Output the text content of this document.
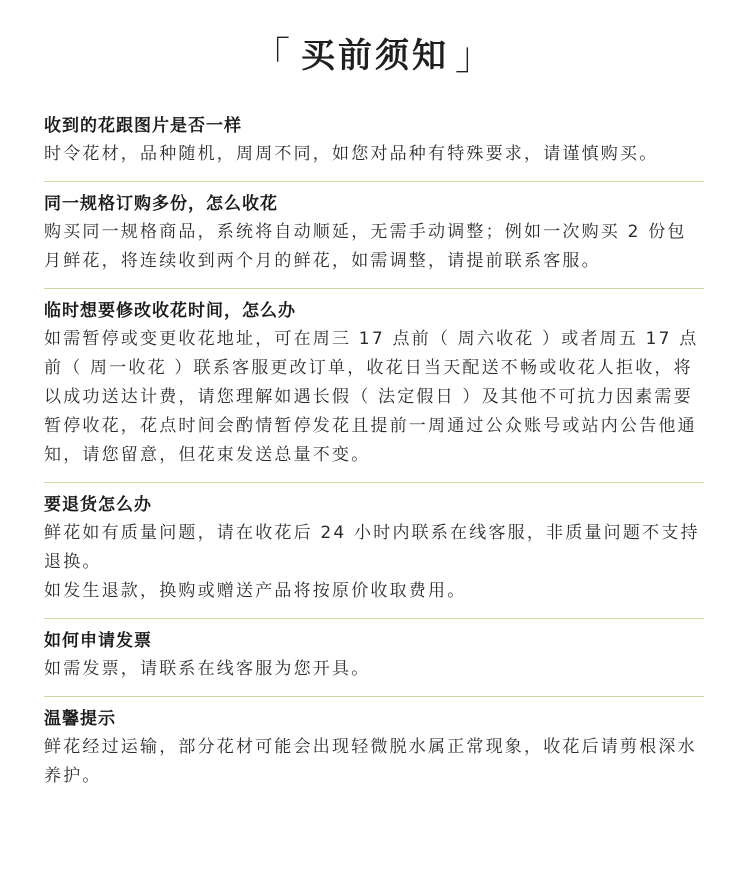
「 买前须知 」
收到的花跟图片是否一样

时令花材，品种随机，周周不同，如您对品种有特殊要求，请谨慎购买。

同一规格订购多份，怎么收花

购买同一规格商品，系统将自动顺延，无需手动调整；例如一次购买 2 份包月鲜花，将连续收到两个月的鲜花，如需调整，请提前联系客服。

临时想要修改收花时间，怎么办

如需暂停或变更收花地址，可在周三 17 点前（ 周六收花 ）或者周五 17 点前（ 周一收花 ）联系客服更改订单，收花日当天配送不畅或收花人拒收，将以成功送达计费，请您理解如遇长假（ 法定假日 ）及其他不可抗力因素需要暂停收花，花点时间会酌情暂停发花且提前一周通过公众账号或站内公告他通知，请您留意，但花束发送总量不变。

要退货怎么办

鲜花如有质量问题，请在收花后 24 小时内联系在线客服，非质量问题不支持退换。

如发生退款，换购或赠送产品将按原价收取费用。

如何申请发票

如需发票，请联系在线客服为您开具。

温馨提示

鲜花经过运输，部分花材可能会出现轻微脱水属正常现象，收花后请剪根深水养护。
